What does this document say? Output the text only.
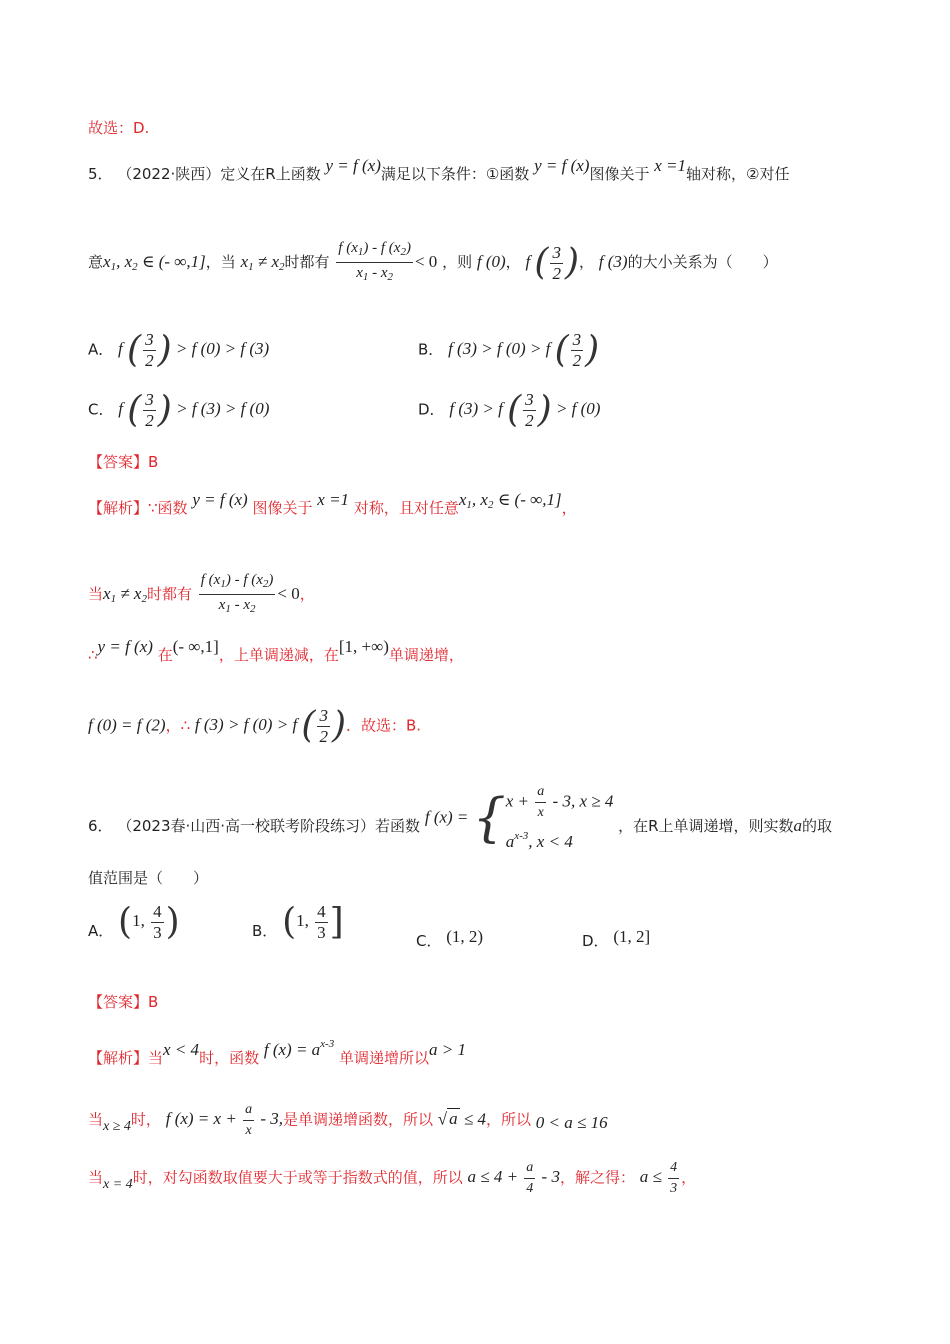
故选：D.
5． （2022·陕西）定义在R上函数 y = f (x)满足以下条件：①函数 y = f (x)图像关于 x =1轴对称，②对任
意$x_1$, $x_2$ ∈ (- ∞,1]，当 $x_1 \ne x_2$时都有 $\frac{f (x_1) - f (x_2)}{x_1 - x_2} < 0$ ，则 f (0)， f ( $\frac{3}{2}$ )， f (3)的大小关系为（　　）
A． f ( $\frac{3}{2}$ ) > f (0) > f (3)	B． f (3) > f (0) > f ( $\frac{3}{2}$ )
C． f ( $\frac{3}{2}$ ) > f (3) > f (0)	D． f (3) > f ( $\frac{3}{2}$ ) > f (0)
【答案】B
【解析】∵函数 y = f (x) 图像关于 x =1 对称，且对任意$x_1$, $x_2$ ∈ (- ∞,1]，
当$x_1 \ne x_2$时都有 $\frac{f (x_1) - f (x_2)}{x_1 - x_2} < 0$，
∴y = f (x) 在(- ∞,1]，上单调递减，在[1, +∞)单调递增，
f (0) = f (2)，∴ f (3) > f (0) > f ( $\frac{3}{2}$ )．故选：B.
6． （2023春·山西·高一校联考阶段练习）若函数 f (x) = { $x + \frac{a}{x} - 3$, x ≥ 4
$a^{x-3}$, x < 4
，在R上单调递增，则实数a的取
值范围是（　　）
A． (1, $\frac{4}{3}$ )	B． (1, $\frac{4}{3}$ ]	C． (1, 2)	D． (1, 2]
【答案】B
【解析】当x < 4时，函数 f $(x) = a^{x-3}$ 单调递增所以a > 1
当x ≥ 4时， f $(x) = x + \frac{a}{x} - 3$,是单调递增函数，所以 √ a ≤ 4，所以 0 < a ≤ 16
当x = 4时，对勾函数取值要大于或等于指数式的值，所以 $a \le 4 + \frac{a}{4} - 3$，解之得： $a \le \frac{4}{3}$ ，
